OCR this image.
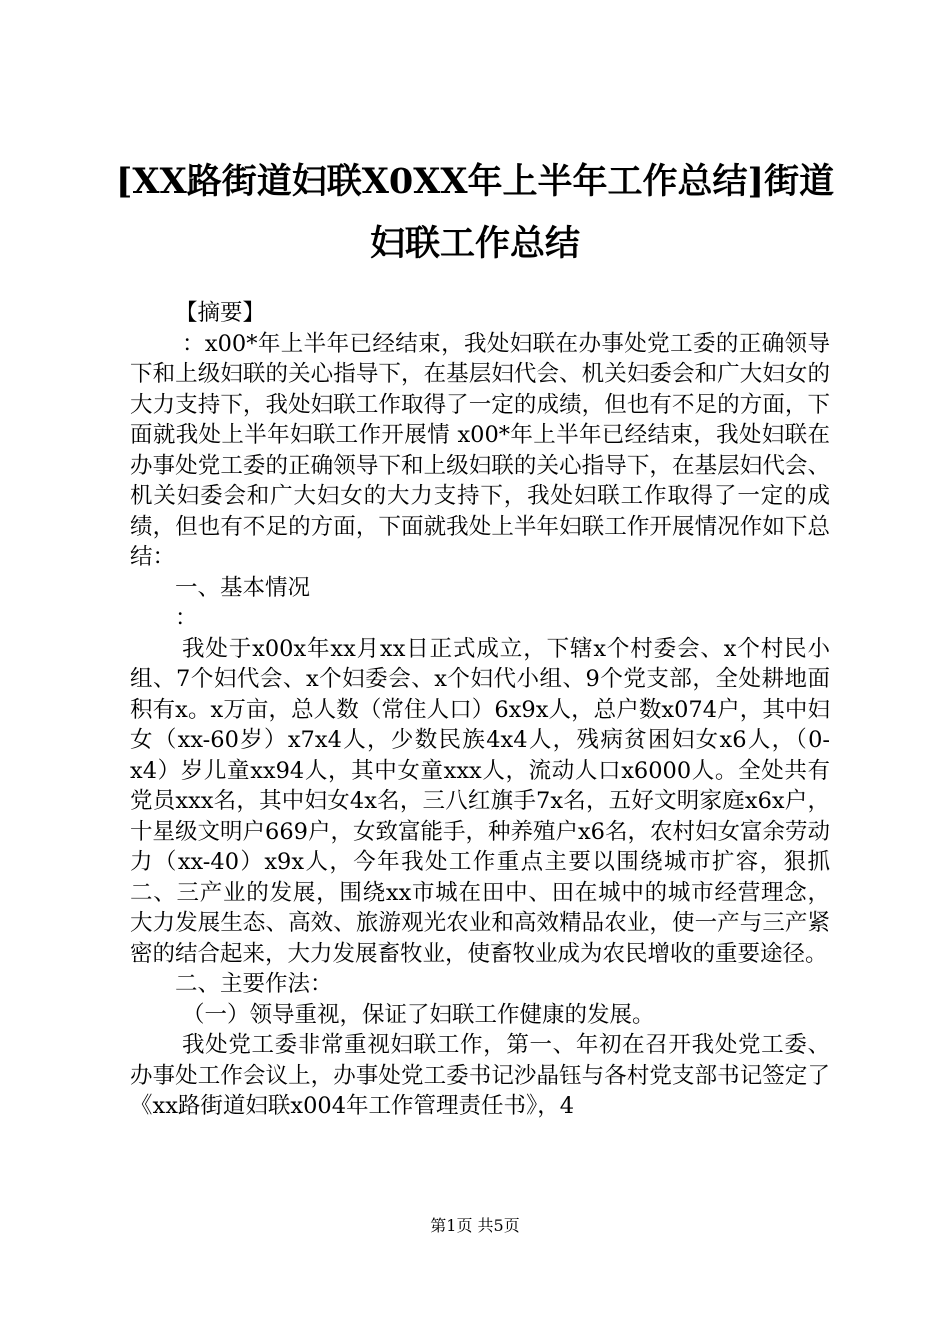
[XX路街道妇联X0XX年上半年工作总结]街道
妇联工作总结

【摘要】

：x00*年上半年已经结束，我处妇联在办事处党工委的正确领导下和上级妇联的关心指导下，在基层妇代会、机关妇委会和广大妇女的大力支持下，我处妇联工作取得了一定的成绩，但也有不足的方面，下面就我处上半年妇联工作开展情 x00*年上半年已经结束，我处妇联在办事处党工委的正确领导下和上级妇联的关心指导下，在基层妇代会、机关妇委会和广大妇女的大力支持下，我处妇联工作取得了一定的成绩，但也有不足的方面，下面就我处上半年妇联工作开展情况作如下总结：

一、基本情况

：

我处于x00x年xx月xx日正式成立，下辖x个村委会、x个村民小组、7个妇代会、x个妇委会、x个妇代小组、9个党支部，全处耕地面积有x。x万亩，总人数（常住人口）6x9x人，总户数x074户，其中妇女（xx-60岁）x7x4人，少数民族4x4人，残病贫困妇女x6人，（0-x4）岁儿童xx94人，其中女童xxx人，流动人口x6000人。全处共有党员xxx名，其中妇女4x名，三八红旗手7x名，五好文明家庭x6x户，十星级文明户669户，女致富能手，种养殖户x6名，农村妇女富余劳动力（xx-40）x9x人，今年我处工作重点主要以围绕城市扩容，狠抓二、三产业的发展，围绕xx市城在田中、田在城中的城市经营理念，大力发展生态、高效、旅游观光农业和高效精品农业，使一产与三产紧密的结合起来，大力发展畜牧业，使畜牧业成为农民增收的重要途径。

二、主要作法：

（一）领导重视，保证了妇联工作健康的发展。

我处党工委非常重视妇联工作，第一、年初在召开我处党工委、办事处工作会议上，办事处党工委书记沙晶钰与各村党支部书记签定了《xx路街道妇联x004年工作管理责任书》，4

第1页 共5页
